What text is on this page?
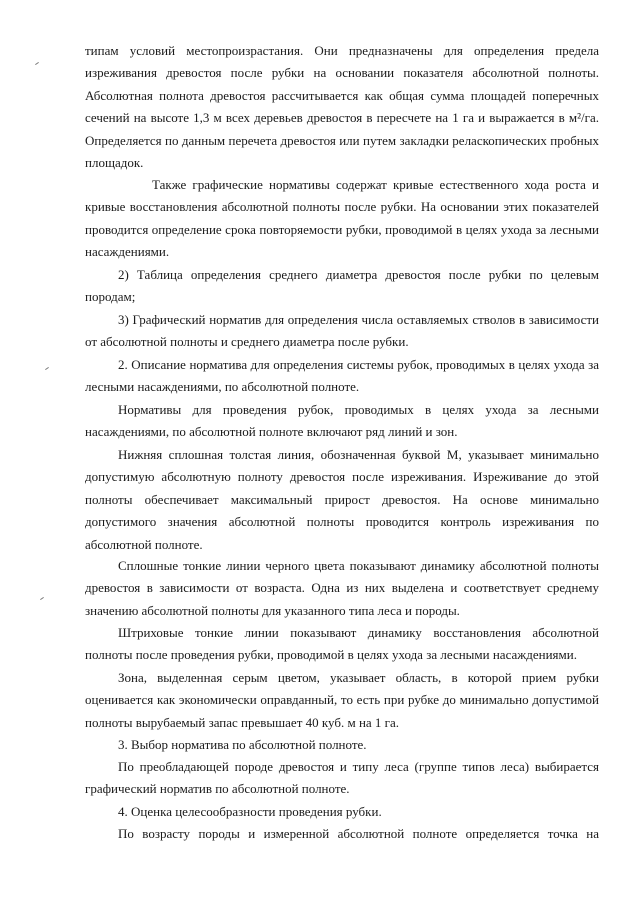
типам условий местопроизрастания. Они предназначены для определения предела изреживания древостоя после рубки на основании показателя абсолютной полноты. Абсолютная полнота древостоя рассчитывается как общая сумма площадей поперечных сечений на высоте 1,3 м всех деревьев древостоя в пересчете на 1 га и выражается в м²/га. Определяется по данным перечета древостоя или путем закладки реласкопических пробных площадок.

Также графические нормативы содержат кривые естественного хода роста и кривые восстановления абсолютной полноты после рубки. На основании этих показателей проводится определение срока повторяемости рубки, проводимой в целях ухода за лесными насаждениями.

2) Таблица определения среднего диаметра древостоя после рубки по целевым породам;

3) Графический норматив для определения числа оставляемых стволов в зависимости от абсолютной полноты и среднего диаметра после рубки.

2. Описание норматива для определения системы рубок, проводимых в целях ухода за лесными насаждениями, по абсолютной полноте.

Нормативы для проведения рубок, проводимых в целях ухода за лесными насаждениями, по абсолютной полноте включают ряд линий и зон.

Нижняя сплошная толстая линия, обозначенная буквой М, указывает минимально допустимую абсолютную полноту древостоя после изреживания. Изреживание до этой полноты обеспечивает максимальный прирост древостоя. На основе минимально допустимого значения абсолютной полноты проводится контроль изреживания по абсолютной полноте.

Сплошные тонкие линии черного цвета показывают динамику абсолютной полноты древостоя в зависимости от возраста. Одна из них выделена и соответствует среднему значению абсолютной полноты для указанного типа леса и породы.

Штриховые тонкие линии показывают динамику восстановления абсолютной полноты после проведения рубки, проводимой в целях ухода за лесными насаждениями.

Зона, выделенная серым цветом, указывает область, в которой прием рубки оценивается как экономически оправданный, то есть при рубке до минимально допустимой полноты вырубаемый запас превышает 40 куб. м на 1 га.

3. Выбор норматива по абсолютной полноте.

По преобладающей породе древостоя и типу леса (группе типов леса) выбирается графический норматив по абсолютной полноте.

4. Оценка целесообразности проведения рубки.

По возрасту породы и измеренной абсолютной полноте определяется точка на
